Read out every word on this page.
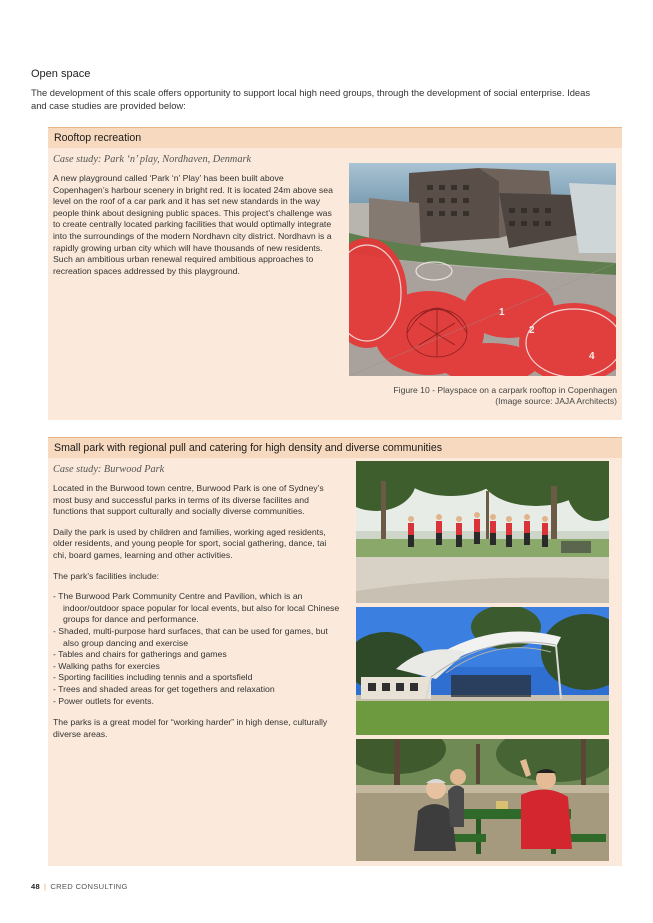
Open space

The development of this scale offers opportunity to support local high need groups, through the development of social enterprise. Ideas and case studies are provided below:

Rooftop recreation

Case study: Park ‘n’ play, Nordhaven, Denmark

A new playground called ‘Park ‘n’ Play’ has been built above Copenhagen’s harbour scenery in bright red. It is located 24m above sea level on the roof of a car park and it has set new standards in the way people think about designing public spaces. This project’s challenge was to create centrally located parking facilities that would optimally integrate into the surroundings of the modern Nordhavn city district. Nordhavn is a rapidly growing urban city which will have thousands of new residents. Such an ambitious urban renewal required ambitious approaches to recreation spaces addressed by this playground.

1
2
4

Figure 10 - Playspace on a carpark rooftop in Copenhagen
(Image source: JAJA Architects)

Small park with regional pull and catering for high density and diverse communities

Case study: Burwood Park

Located in the Burwood town centre, Burwood Park is one of Sydney’s most busy and successful parks in terms of its diverse facilites and functions that support culturally and socially diverse communities.

Daily the park is used by children and families, working aged residents, older residents, and young people for sport, social gathering, dance, tai chi, board games, learning and other activities.

The park’s facilities include:

- The Burwood Park Community Centre and Pavilion, which is an indoor/outdoor space popular for local events, but also for local Chinese groups for dance and performance.
- Shaded, multi-purpose hard surfaces, that can be used for games, but also group dancing and exercise
- Tables and chairs for gatherings and games
- Walking paths for exercies
- Sporting facilities including tennis and a sportsfield
- Trees and shaded areas for get togethers and relaxation
- Power outlets for events.

The parks is a great model for “working harder” in high dense, culturally diverse areas.

48 | CRED CONSULTING
